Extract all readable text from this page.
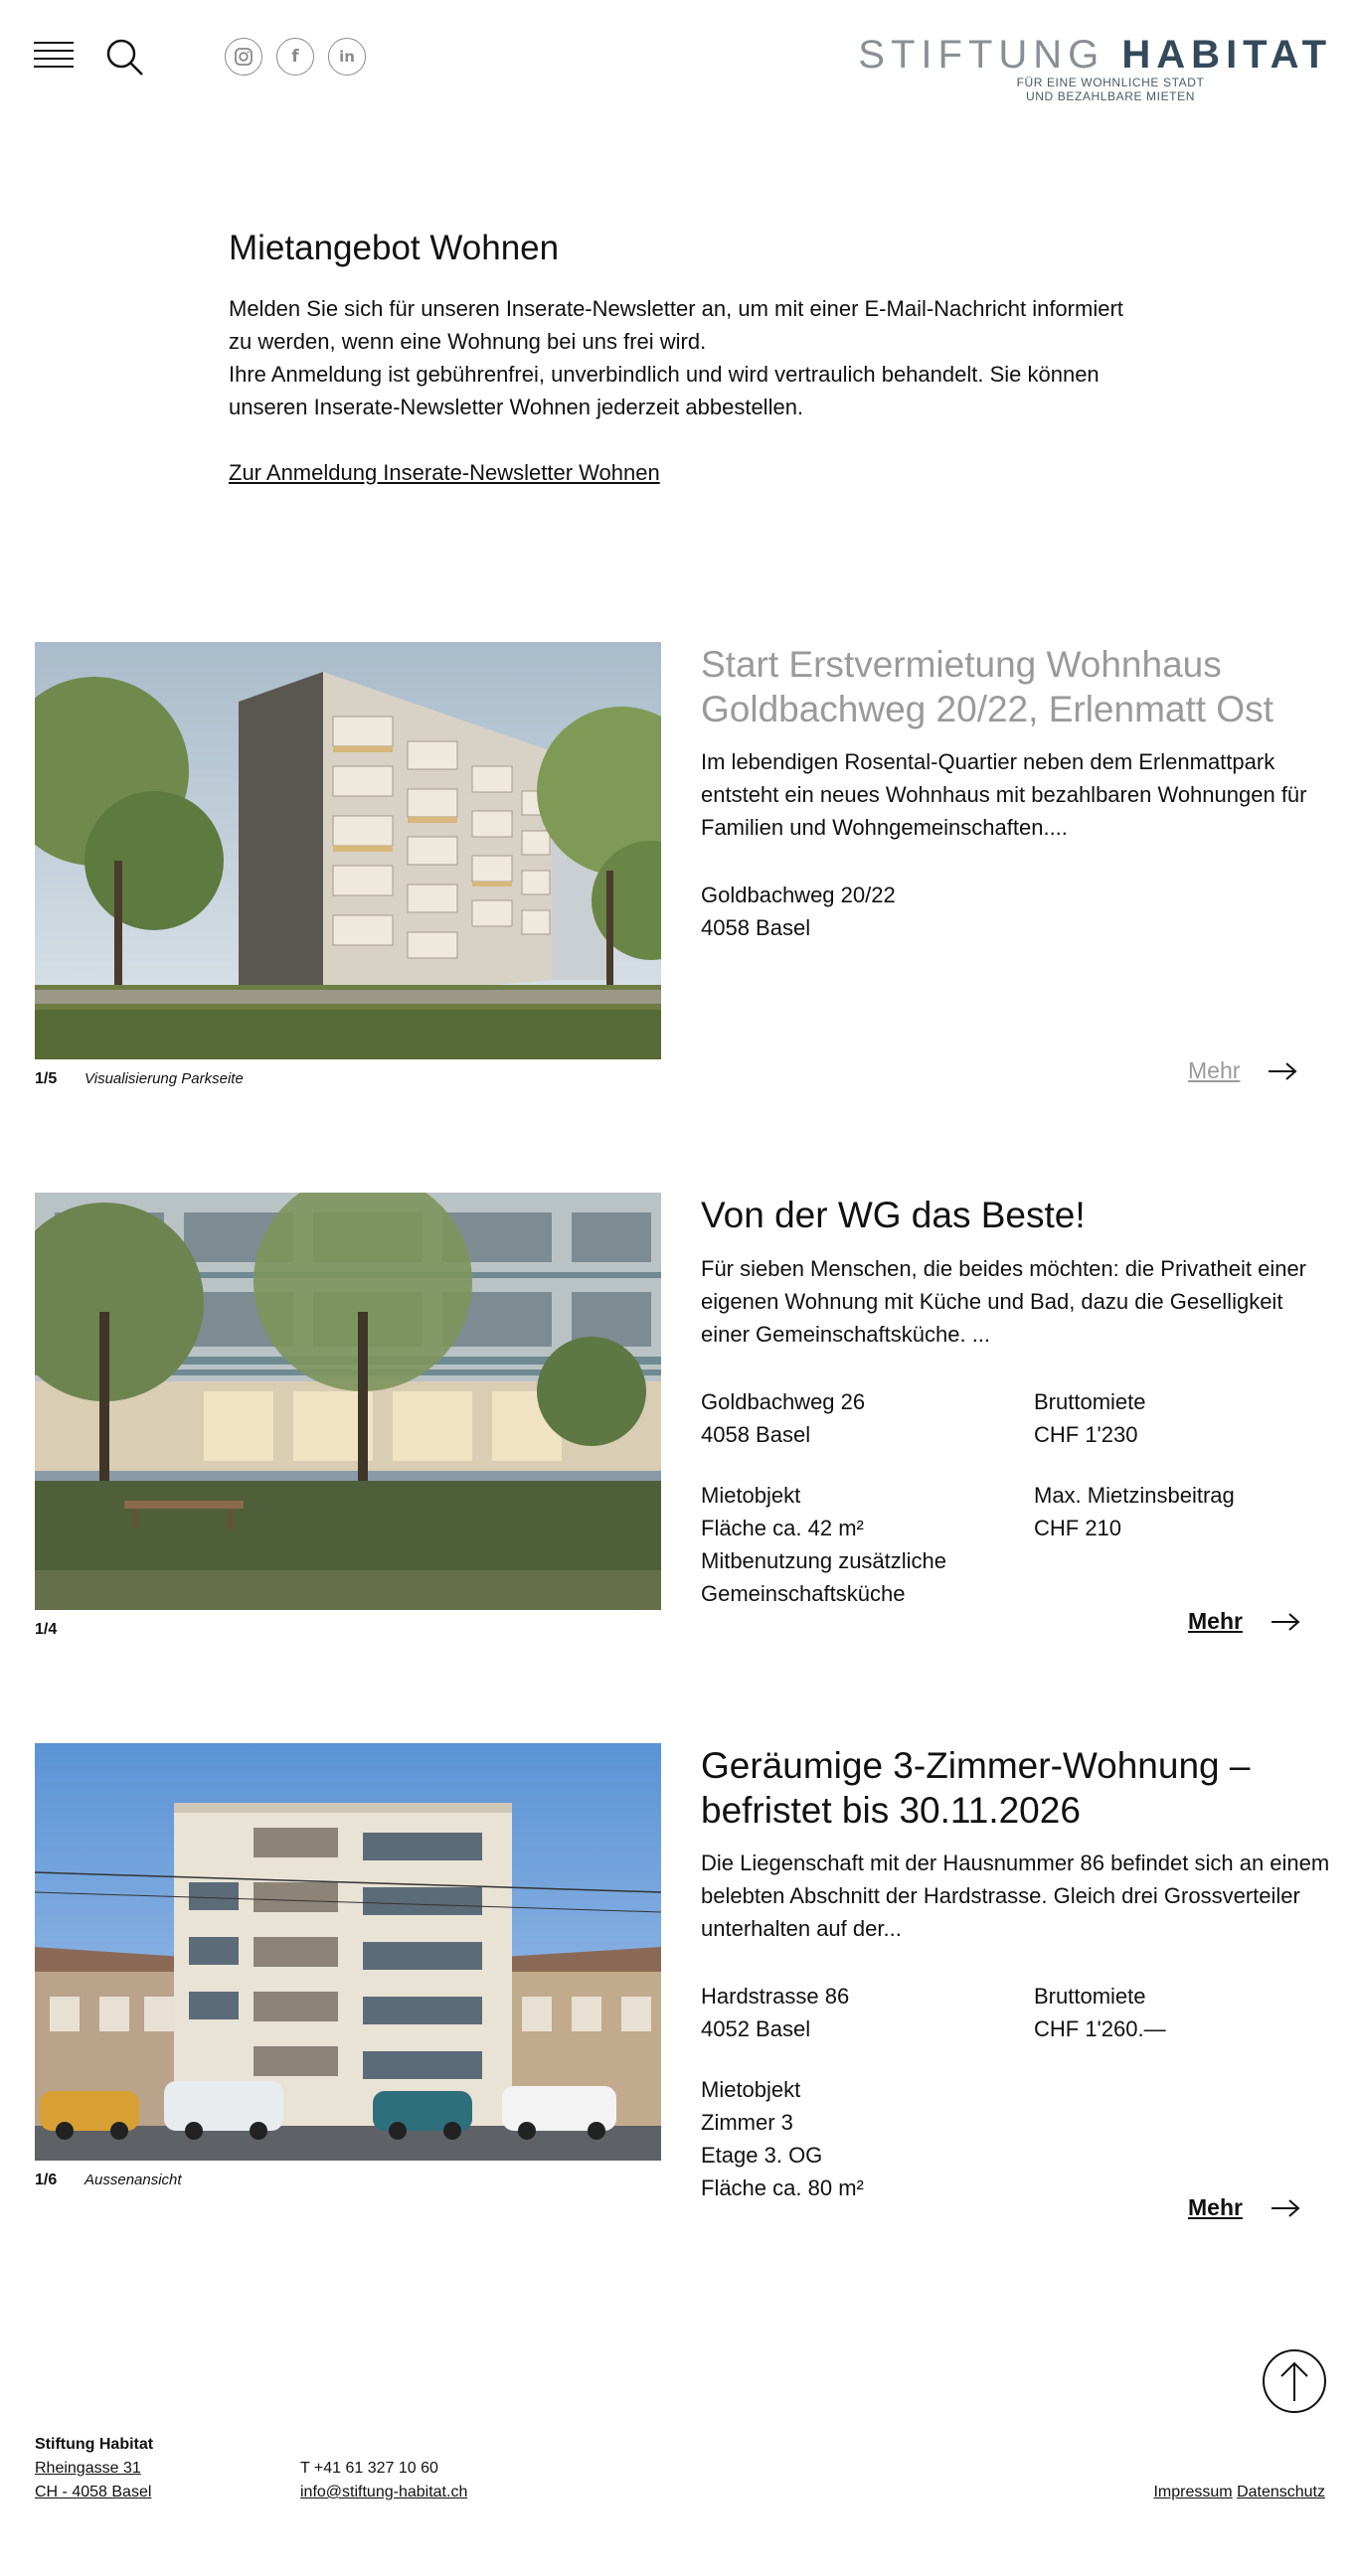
f	in	STIFTUNG HABITAT
FÜR EINE WOHNLICHE STADT
UND BEZAHLBARE MIETEN
Mietangebot Wohnen

Melden Sie sich für unseren Inserate-Newsletter an, um mit einer E-Mail-Nachricht informiert zu werden, wenn eine Wohnung bei uns frei wird.

Ihre Anmeldung ist gebührenfrei, unverbindlich und wird vertraulich behandelt. Sie können unseren Inserate-Newsletter Wohnen jederzeit abbestellen.

Zur Anmeldung Inserate-Newsletter Wohnen
1/5 Visualisierung Parkseite
Start Erstvermietung Wohnhaus Goldbachweg 20/22, Erlenmatt Ost

Im lebendigen Rosental-Quartier neben dem Erlenmattpark entsteht ein neues Wohnhaus mit bezahlbaren Wohnungen für Familien und Wohngemeinschaften....

Goldbachweg 20/22
4058 Basel
Mehr
1/4
Von der WG das Beste!

Für sieben Menschen, die beides möchten: die Privatheit einer eigenen Wohnung mit Küche und Bad, dazu die Geselligkeit einer Gemeinschaftsküche. ...

Goldbachweg 26
4058 Basel
Bruttomiete
CHF 1'230
Mietobjekt
Fläche ca. 42 m²
Mitbenutzung zusätzliche
Gemeinschaftsküche
Max. Mietzinsbeitrag
CHF 210
Mehr
1/6 Aussenansicht
Geräumige 3-Zimmer-Wohnung – befristet bis 30.11.2026

Die Liegenschaft mit der Hausnummer 86 befindet sich an einem belebten Abschnitt der Hardstrasse. Gleich drei Grossverteiler unterhalten auf der...

Hardstrasse 86
4052 Basel
Bruttomiete
CHF 1'260.—
Mietobjekt
Zimmer 3
Etage 3. OG
Fläche ca. 80 m²
Mehr
Stiftung Habitat
Rheingasse 31
CH - 4058 Basel
T +41 61 327 10 60
info@stiftung-habitat.ch	Impressum Datenschutz
